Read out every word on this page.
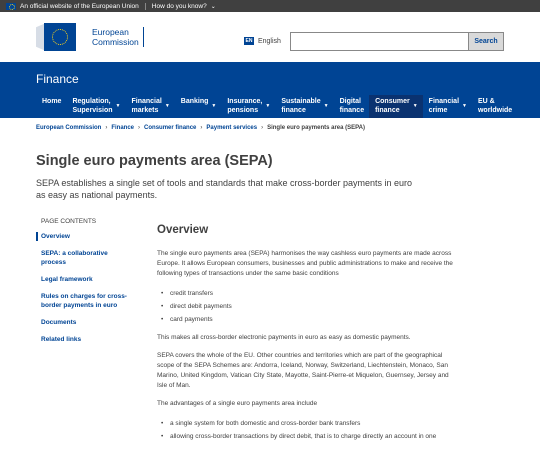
An official website of the European Union How do you know? ⌄
European
Commission	EN English	Search
Finance
Home Regulation,
Supervision
▼
Financial
markets
▼
Banking
▼
Insurance,
pensions
▼
Sustainable
finance
▼
Digital
finance
Consumer
finance
▼
Financial
crime
▼
EU &
worldwide
European Commission › Finance › Consumer finance › Payment services › Single euro payments area (SEPA)
Single euro payments area (SEPA)
SEPA establishes a single set of tools and standards that make cross-border payments in euro as easy as national payments.
PAGE CONTENTS
Overview
SEPA: a collaborative
process
Legal framework
Rules on charges for cross-
border payments in euro
Documents
Related links
Overview

The single euro payments area (SEPA) harmonises the way cashless euro payments are made across Europe. It allows European consumers, businesses and public administrations to make and receive the following types of transactions under the same basic conditions

• credit transfers
• direct debit payments
• card payments

This makes all cross-border electronic payments in euro as easy as domestic payments.

SEPA covers the whole of the EU. Other countries and territories which are part of the geographical scope of the SEPA Schemes are: Andorra, Iceland, Norway, Switzerland, Liechtenstein, Monaco, San Marino, United Kingdom, Vatican City State, Mayotte, Saint-Pierre-et Miquelon, Guernsey, Jersey and Isle of Man.

The advantages of a single euro payments area include

• a single system for both domestic and cross-border bank transfers
• allowing cross-border transactions by direct debit, that is to charge directly an account in one
